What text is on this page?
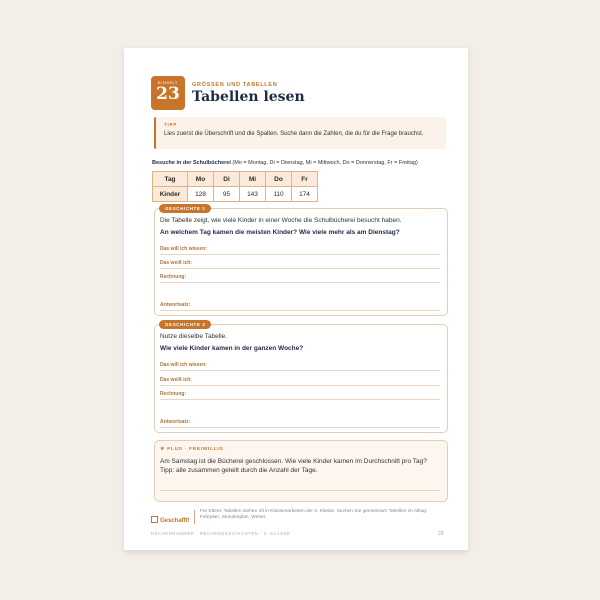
EINHEIT
23	GRÖSSEN UND TABELLEN
Tabellen lesen
TIPP
Lies zuerst die Überschrift und die Spalten. Suche dann die Zahlen, die du für die Frage brauchst.
Besuche in der Schulbücherei (Mo = Montag, Di = Dienstag, Mi = Mittwoch, Do = Donnerstag, Fr = Freitag)
Tag	Mo	Di	Mi	Do	Fr
Kinder	128	95	143	110	174
GESCHICHTE 1
Die Tabelle zeigt, wie viele Kinder in einer Woche die Schulbücherei besucht haben.
An welchem Tag kamen die meisten Kinder? Wie viele mehr als am Dienstag?
Das will ich wissen:
Das weiß ich:
Rechnung:
Antwortsatz:
GESCHICHTE 2
Nutze dieselbe Tabelle.
Wie viele Kinder kamen in der ganzen Woche?
Das will ich wissen:
Das weiß ich:
Rechnung:
Antwortsatz:
★ PLUS · FREIWILLIG
Am Samstag ist die Bücherei geschlossen. Wie viele Kinder kamen im Durchschnitt pro Tag?
Tipp: alle zusammen geteilt durch die Anzahl der Tage.
Geschafft!
Für Eltern: Tabellen stehen oft in Klassenarbeiten der 3. Klasse. Suchen Sie gemeinsam Tabellen im Alltag: Fahrplan, Stundenplan, Wetter.
RECHENRAMMER · RECHENGESCHICHTEN · 3. KLASSE	29
